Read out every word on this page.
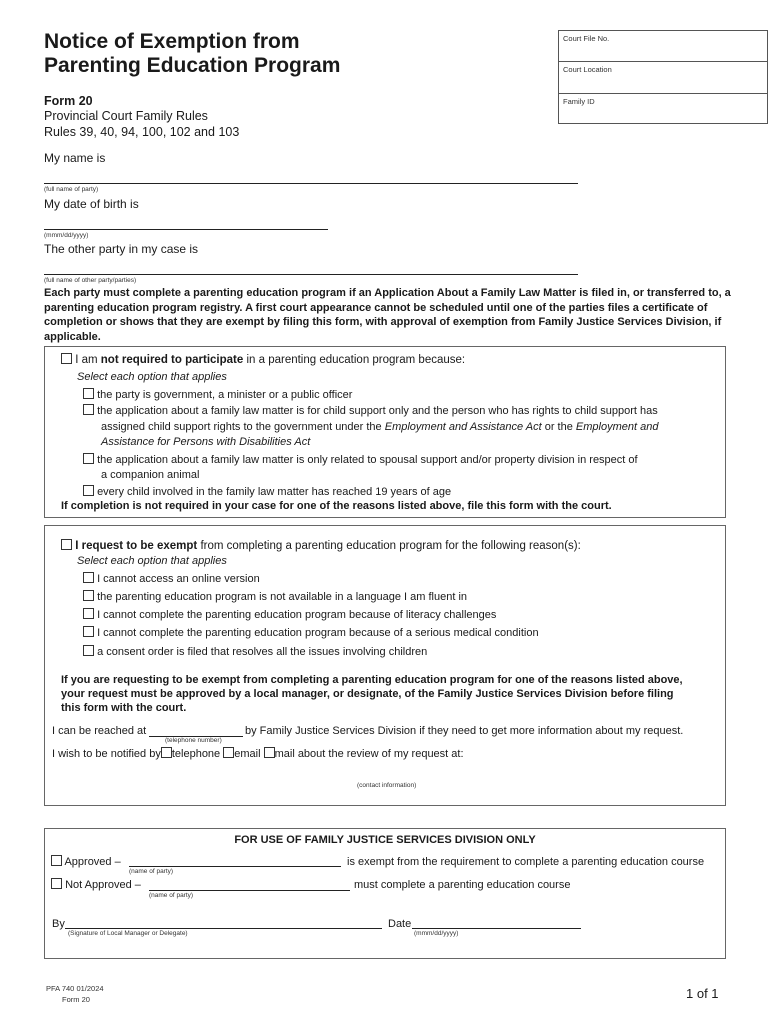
Notice of Exemption from
Parenting Education Program
Form 20
Provincial Court Family Rules
Rules 39, 40, 94, 100, 102 and 103
Court File No.
Court Location
Family ID
My name is
(full name of party)
My date of birth is
(mmm/dd/yyyy)
The other party in my case is
(full name of other party/parties)
Each party must complete a parenting education program if an Application About a Family Law Matter is filed in, or transferred to, a parenting education program registry. A first court appearance cannot be scheduled until one of the parties files a certificate of completion or shows that they are exempt by filing this form, with approval of exemption from Family Justice Services Division, if applicable.
I am not required to participate in a parenting education program because:
Select each option that applies
the party is government, a minister or a public officer
the application about a family law matter is for child support only and the person who has rights to child support has
assigned child support rights to the government under the Employment and Assistance Act or the Employment and
Assistance for Persons with Disabilities Act
the application about a family law matter is only related to spousal support and/or property division in respect of
a companion animal
every child involved in the family law matter has reached 19 years of age
If completion is not required in your case for one of the reasons listed above, file this form with the court.
I request to be exempt from completing a parenting education program for the following reason(s):
Select each option that applies
I cannot access an online version
the parenting education program is not available in a language I am fluent in
I cannot complete the parenting education program because of literacy challenges
I cannot complete the parenting education program because of a serious medical condition
a consent order is filed that resolves all the issues involving children
If you are requesting to be exempt from completing a parenting education program for one of the reasons listed above,
your request must be approved by a local manager, or designate, of the Family Justice Services Division before filing
this form with the court.
I can be reached at	by Family Justice Services Division if they need to get more information about my request.
(telephone number)
I wish to be notified by telephone email mail about the review of my request at:
(contact information)
FOR USE OF FAMILY JUSTICE SERVICES DIVISION ONLY
Approved –	is exempt from the requirement to complete a parenting education course
(name of party)
Not Approved –	must complete a parenting education course
(name of party)
By
(Signature of Local Manager or Delegate)
Date
(mmm/dd/yyyy)
PFA 740 01/2024
Form 20	1 of 1
